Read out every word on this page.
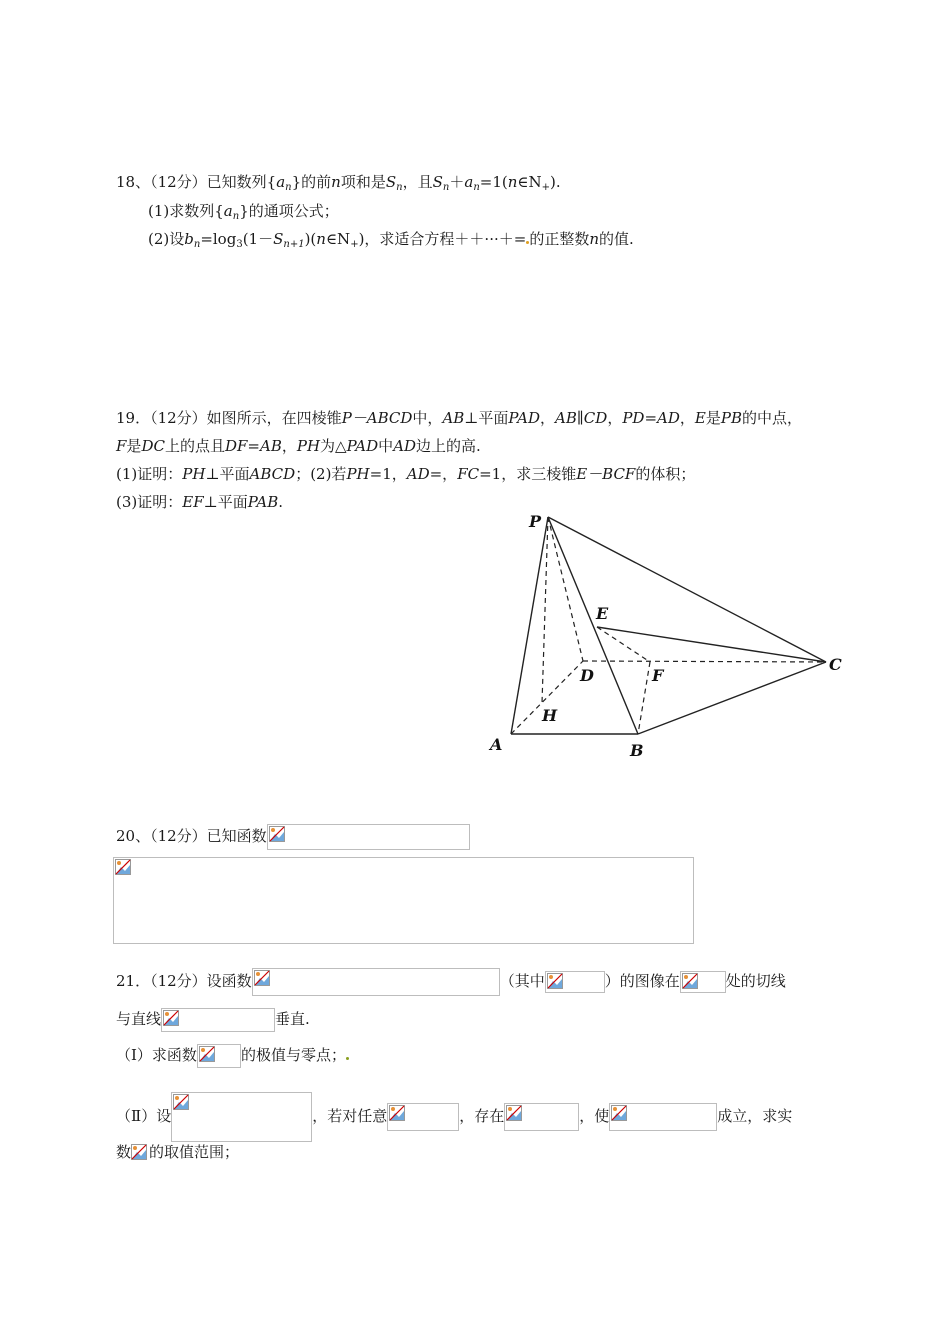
18、（12分）已知数列$\{a_n\}$的前n项和是$S_n$，且$S_n+a_n=1(n\in N_+)$.
(1)求数列$\{a_n\}$的通项公式；
(2)设$b_n=\log_3(1-S_{n+1})(n\in N_+)$，求适合方程＋＋···＋= 的正整数n的值.
19．（12分）如图所示，在四棱锥P－ABCD中，AB⊥平面PAD，AB∥CD，PD=AD，E是PB的中点，
F是DC上的点且DF=AB，PH为△PAD中AD边上的高.
(1)证明：PH⊥平面ABCD；(2)若PH=1，AD=，FC=1，求三棱锥E－BCF的体积；
(3)证明：EF⊥平面PAB.
P
E
D	F
C
H
A	B
20、（12分）已知函数
21．（12分）设函数	（其中	）的图像在	处的切线
与直线	垂直.
（Ⅰ）求函数	的极值与零点；
（Ⅱ）设	，若对任意	，存在	，使	成立，求实
数 的取值范围；
